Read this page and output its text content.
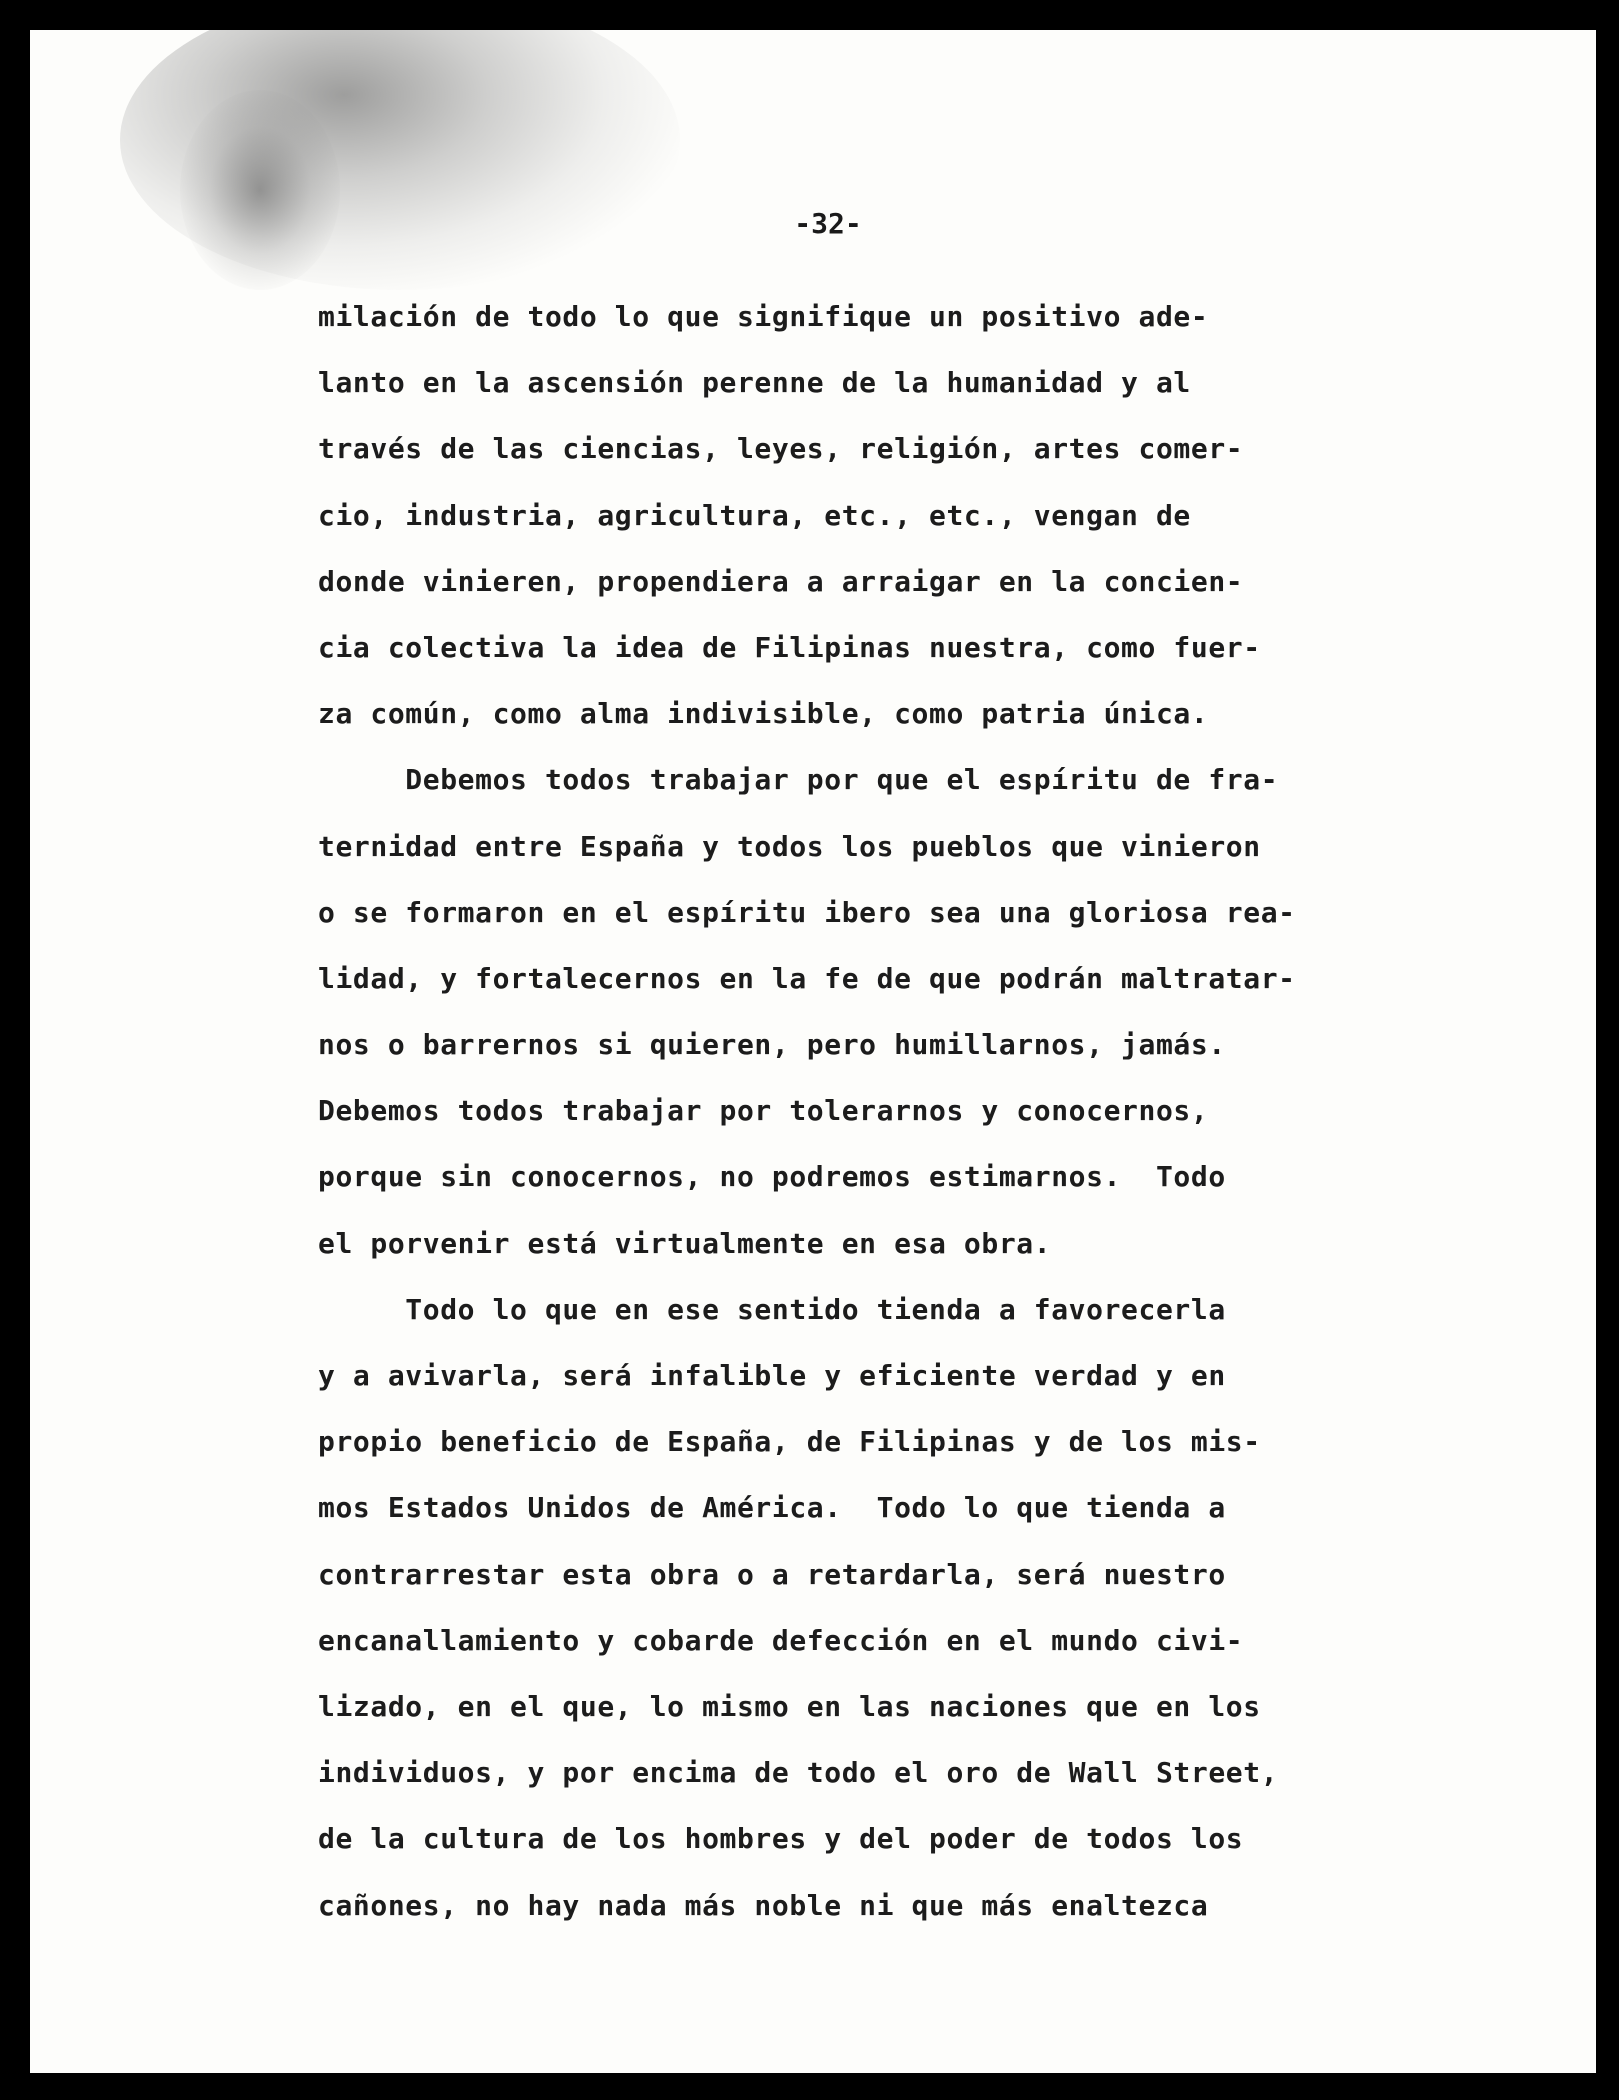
-32-
milación de todo lo que signifique un positivo ade-
lanto en la ascensión perenne de la humanidad y al
través de las ciencias, leyes, religión, artes comer-
cio, industria, agricultura, etc., etc., vengan de
donde vinieren, propendiera a arraigar en la concien-
cia colectiva la idea de Filipinas nuestra, como fuer-
za común, como alma indivisible, como patria única.
Debemos todos trabajar por que el espíritu de fra-
ternidad entre España y todos los pueblos que vinieron
o se formaron en el espíritu ibero sea una gloriosa rea-
lidad, y fortalecernos en la fe de que podrán maltratar-
nos o barrernos si quieren, pero humillarnos, jamás.
Debemos todos trabajar por tolerarnos y conocernos,
porque sin conocernos, no podremos estimarnos.  Todo
el porvenir está virtualmente en esa obra.
Todo lo que en ese sentido tienda a favorecerla
y a avivarla, será infalible y eficiente verdad y en
propio beneficio de España, de Filipinas y de los mis-
mos Estados Unidos de América.  Todo lo que tienda a
contrarrestar esta obra o a retardarla, será nuestro
encanallamiento y cobarde defección en el mundo civi-
lizado, en el que, lo mismo en las naciones que en los
individuos, y por encima de todo el oro de Wall Street,
de la cultura de los hombres y del poder de todos los
cañones, no hay nada más noble ni que más enaltezca
